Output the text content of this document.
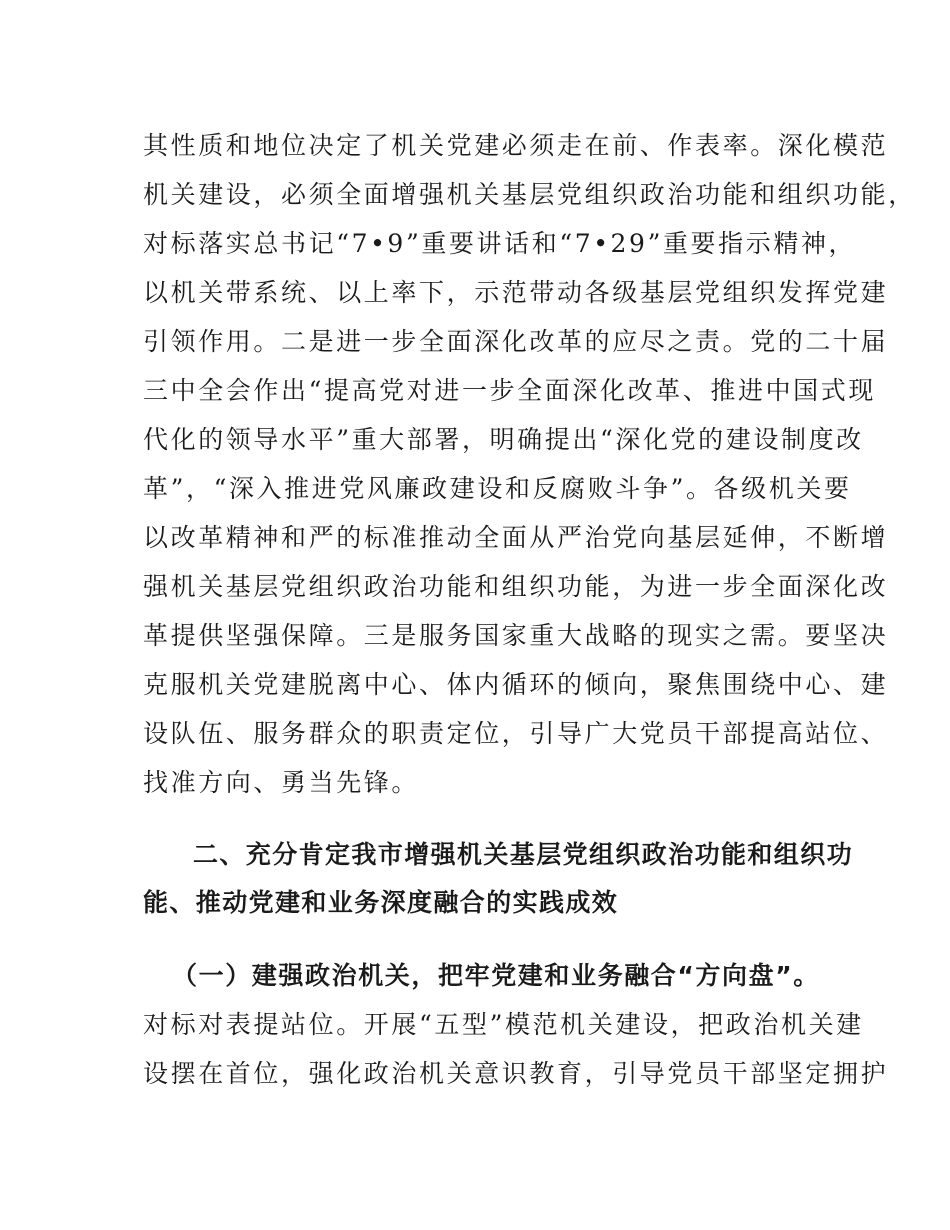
其性质和地位决定了机关党建必须走在前、作表率。深化模范
机关建设，必须全面增强机关基层党组织政治功能和组织功能，
对标落实总书记“7•9”重要讲话和“7•29”重要指示精神，
以机关带系统、以上率下，示范带动各级基层党组织发挥党建
引领作用。二是进一步全面深化改革的应尽之责。党的二十届
三中全会作出“提高党对进一步全面深化改革、推进中国式现
代化的领导水平”重大部署，明确提出“深化党的建设制度改
革”，“深入推进党风廉政建设和反腐败斗争”。各级机关要
以改革精神和严的标准推动全面从严治党向基层延伸，不断增
强机关基层党组织政治功能和组织功能，为进一步全面深化改
革提供坚强保障。三是服务国家重大战略的现实之需。要坚决
克服机关党建脱离中心、体内循环的倾向，聚焦围绕中心、建
设队伍、服务群众的职责定位，引导广大党员干部提高站位、
找准方向、勇当先锋。
二、充分肯定我市增强机关基层党组织政治功能和组织功
能、推动党建和业务深度融合的实践成效
（一）建强政治机关，把牢党建和业务融合“方向盘”。
对标对表提站位。开展“五型”模范机关建设，把政治机关建
设摆在首位，强化政治机关意识教育，引导党员干部坚定拥护
